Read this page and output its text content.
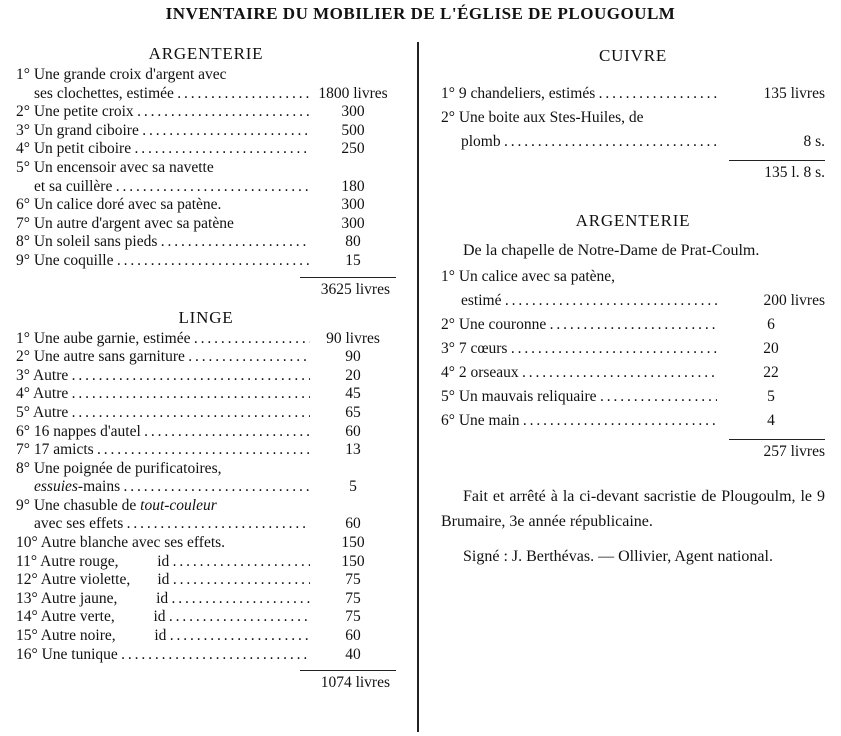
INVENTAIRE DU MOBILIER DE L'ÉGLISE DE PLOUGOULM
ARGENTERIE
1° Une grande croix d'argent avec
ses clochettes, estimée . . .	1800 livres
2° Une petite croix . . .	300
3° Un grand ciboire . . .	500
4° Un petit ciboire . . .	250
5° Un encensoir avec sa navette
et sa cuillère . . .	180
6° Un calice doré avec sa patène.	300
7° Un autre d'argent avec sa patène	300
8° Un soleil sans pieds . . .	80
9° Une coquille . . .	15
3625 livres
LINGE
1° Une aube garnie, estimée . . .	90 livres
2° Une autre sans garniture . . .	90
3° Autre . . .	20
4° Autre . . .	45
5° Autre . . .	65
6° 16 nappes d'autel . . .	60
7° 17 amicts . . .	13
8° Une poignée de purificatoires,
essuies-mains . . .	5
9° Une chasuble de tout-couleur
avec ses effets . . .	60
10° Autre blanche avec ses effets.	150
11° Autre rouge,          id . . .	150
12° Autre violette,       id . . .	75
13° Autre jaune,          id . . .	75
14° Autre verte,          id . . .	75
15° Autre noire,          id . . .	60
16° Une tunique . . .	40
1074 livres
CUIVRE
1° 9 chandeliers, estimés . . .	135 livres
2° Une boite aux Stes-Huiles, de
plomb . . .	8 s.
135 l. 8 s.
ARGENTERIE

De la chapelle de Notre-Dame de Prat-Coulm.

1° Un calice avec sa patène,
estimé . . .	200 livres
2° Une couronne . . .	6
3° 7 cœurs . . .	20
4° 2 orseaux . . .	22
5° Un mauvais reliquaire . . .	5
6° Une main . . .	4
257 livres

Fait et arrêté à la ci-devant sacristie de Plougoulm, le 9 Brumaire, 3e année républicaine.

Signé : J. Berthévas. — Ollivier, Agent national.
